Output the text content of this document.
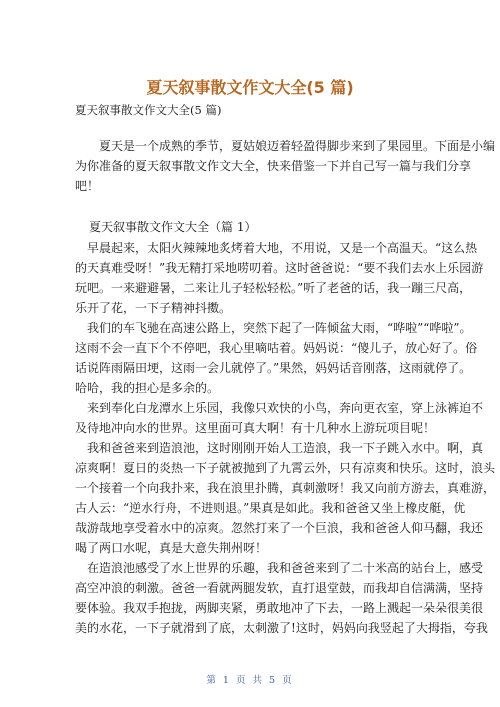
夏天叙事散文作文大全(5 篇)
夏天叙事散文作文大全(5 篇)
　　夏天是一个成熟的季节，夏姑娘迈着轻盈得脚步来到了果园里。下面是小编
为你准备的夏天叙事散文作文大全，快来借鉴一下并自己写一篇与我们分享
吧！
夏天叙事散文作文大全（篇 1）
　早晨起来，太阳火辣辣地炙烤着大地，不用说，又是一个高温天。“这么热
的天真难受呀！”我无精打采地唠叨着。这时爸爸说：“要不我们去水上乐园游
玩吧。一来避避暑，二来让儿子轻松轻松。”听了老爸的话，我一蹦三尺高，
乐开了花，一下子精神抖擞。
　我们的车飞驰在高速公路上，突然下起了一阵倾盆大雨，“哗啦”“哗啦”。
这雨不会一直下个不停吧，我心里嘀咕着。妈妈说：“傻儿子，放心好了。俗
话说阵雨隔田埂，这雨一会儿就停了。”果然，妈妈话音刚落，这雨就停了。
哈哈，我的担心是多余的。
　来到奉化白龙潭水上乐园，我像只欢快的小鸟，奔向更衣室，穿上泳裤迫不
及待地冲向水的世界。这里面可真大啊！有十几种水上游玩项目呢！
　我和爸爸来到造浪池，这时刚刚开始人工造浪，我一下子跳入水中。啊，真
凉爽啊！夏日的炎热一下子就被抛到了九霄云外，只有凉爽和快乐。这时，浪头
一个接着一个向我扑来，我在浪里扑腾，真刺激呀！我又向前方游去，真难游，
古人云：“逆水行舟，不进则退。”果真是如此。我和爸爸又坐上橡皮艇，优
哉游哉地享受着水中的凉爽。忽然打来了一个巨浪，我和爸爸人仰马翻，我还
喝了两口水呢，真是大意失荆州呀！
　在造浪池感受了水上世界的乐趣，我和爸爸来到了二十米高的站台上，感受
高空冲浪的刺激。爸爸一看就两腿发软，直打退堂鼓，而我却自信满满，坚持
要体验。我双手抱拢，两脚夹紧，勇敢地冲了下去，一路上溅起一朵朵很美很
美的水花，一下子就滑到了底，太刺激了!这时，妈妈向我竖起了大拇指，夸我
第 1 页 共 5 页
